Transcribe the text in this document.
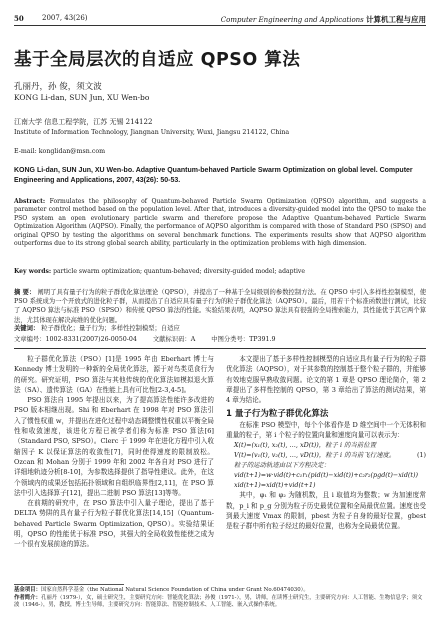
50	2007, 43(26)	Computer Engineering and Applications 计算机工程与应用
基于全局层次的自适应 QPSO 算法
孔丽丹，孙 俊，须文波
KONG Li-dan, SUN Jun, XU Wen-bo
江南大学 信息工程学院，江苏 无锡 214122
Institute of Information Technology, Jiangnan University, Wuxi, Jiangsu 214122, China
E-mail: konglidan@msn.com
KONG Li-dan, SUN Jun, XU Wen-bo. Adaptive Quantum-behaved Particle Swarm Optimization on global level. Computer Engineering and Applications, 2007, 43(26): 50-53.
Abstract: Formulates the philosophy of Quantum-behaved Particle Swarm Optimization (QPSO) algorithm, and suggests a parameter control method based on the population level. After that, introduces a diversity-guided model into the QPSO to make the PSO system an open evolutionary particle swarm and therefore propose the Adaptive Quantum-behaved Particle Swarm Optimization Algorithm (AQPSO). Finally, the performance of AQPSO algorithm is compared with those of Standard PSO (SPSO) and original QPSO by testing the algorithms on several benchmark functions. The experiments results show that AQPSO algorithm outperforms due to its strong global search ability, particularly in the optimization problems with high dimension.
Key words: particle swarm optimization; quantum-behaved; diversity-guided model; adaptive
摘 要： 阐明了具有量子行为的粒子群优化算法理论（QPSO），并提出了一种基于全局级别的参数控制方法。在 QPSO 中引入多样性控制模型，使 PSO 系统成为一个开放式的进化粒子群，从而提出了自适应具有量子行为的粒子群优化算法（AQPSO）。最后，用若干个标准函数进行测试，比较了 AQPSO 算法与标准 PSO（SPSO）和传统 QPSO 算法的性能。实验结果表明，AQPSO 算法具有很强的全局搜索能力，其性能优于其它两个算法，尤其体现在解决高维的优化问题。
关键词： 粒子群优化；量子行为；多样性控制模型；自适应
文章编号：1002-8331(2007)26-0050-04	文献标识码：A	中图分类号：TP391.9

粒子群优化算法（PSO）[1]是 1995 年由 Eberhart 博士与 Kennedy 博士发明的一种新的全局优化算法，源于对鸟类觅食行为的研究。研究证明，PSO 算法与其他传统的优化算法如模拟退火算法（SA）、遗传算法（GA）在性能上具有可比性[2-3,4-5]。

PSO 算法自 1995 年提出以来，为了提高算法性能许多改进的 PSO 版本相继出现。Shi 和 Eberhart 在 1998 年对 PSO 算法引入了惯性权重 w，并提出在进化过程中动态调整惯性权重以平衡全局性和收敛速度，该进化方程已被学者们称为标准 PSO 算法[6]（Standard PSO, SPSO）。Clerc 于 1999 年在进化方程中引入收缩因子 K 以保证算法的收敛性[7]，同时使得速度的限制放松。Ozcan 和 Mohan 分别于 1999 年和 2002 年各自对 PSO 进行了详细地轨迹分析[8-10]，为参数选择提供了指导性建议。此外，在这个领域内的成果还包括拓扑领域和自组织临界性[2,11]，在 PSO 算法中引入选择算子[12]，提出二进制 PSO 算法[13]等等。

在前期的研究中，在 PSO 算法中引入量子理论，提出了基于 DELTA 势阱的具有量子行为粒子群优化算法[14,15]（Quantum-behaved Particle Swarm Optimization, QPSO）。实验结果证明，QPSO 的性能优于标准 PSO，其强大的全局收敛性能使之成为一个很有发展前途的算法。

本文提出了基于多样性控制模型的自适应具有量子行为的粒子群优化算法（AQPSO），对于其参数的控制基于整个粒子群的，并能够有效地克服早熟收敛问题。论文的第 1 章是 QPSO 理论简介，第 2 章提出了多样性控制的 QPSO，第 3 章给出了算法的测试结果，第 4 章为结论。

1 量子行为粒子群优化算法

在标准 PSO 模型中，每个个体看作是 D 维空间中一个无体积和重量的粒子，第 i 个粒子的位置向量和速度向量可以表示为：

X(t)=(x₁(t), x₂(t), …, xD(t))，粒子 i 的当前位置
V(t)=(v₁(t), v₂(t), …, vD(t))，粒子 i 的当前飞行速度。
粒子的运动轨迹由以下方程决定：
vid(t+1)=w·vid(t)+c₁r₁(pid(t)−xid(t))+c₂r₂(pgd(t)−xid(t))
xid(t+1)=xid(t)+vid(t+1)
(1)

其中，φ₁ 和 φ₂ 为随机数，且 i 取值均为整数；w 为加速度常数，p_i 和 p_g 分别为粒子历史最优位置和全局最优位置。速度也受到最大速度 Vmax 的限制，pbest 为粒子自身的最好位置，gbest 是粒子群中所有粒子经过的最好位置，也称为全局最优位置。

基金项目：国家自然科学基金（the National Natural Science Foundation of China under Grant No.60474030）。
作者简介：孔丽丹（1979-），女，硕士研究生，主要研究方向：智能优化算法；孙俊（1971-），男，讲师，在读博士研究生，主要研究方向：人工智能、生物信息学；须文波（1946-），男，教授，博士生导师，主要研究方向：智能算法、智能控制技术、人工智能、嵌入式操作系统。
